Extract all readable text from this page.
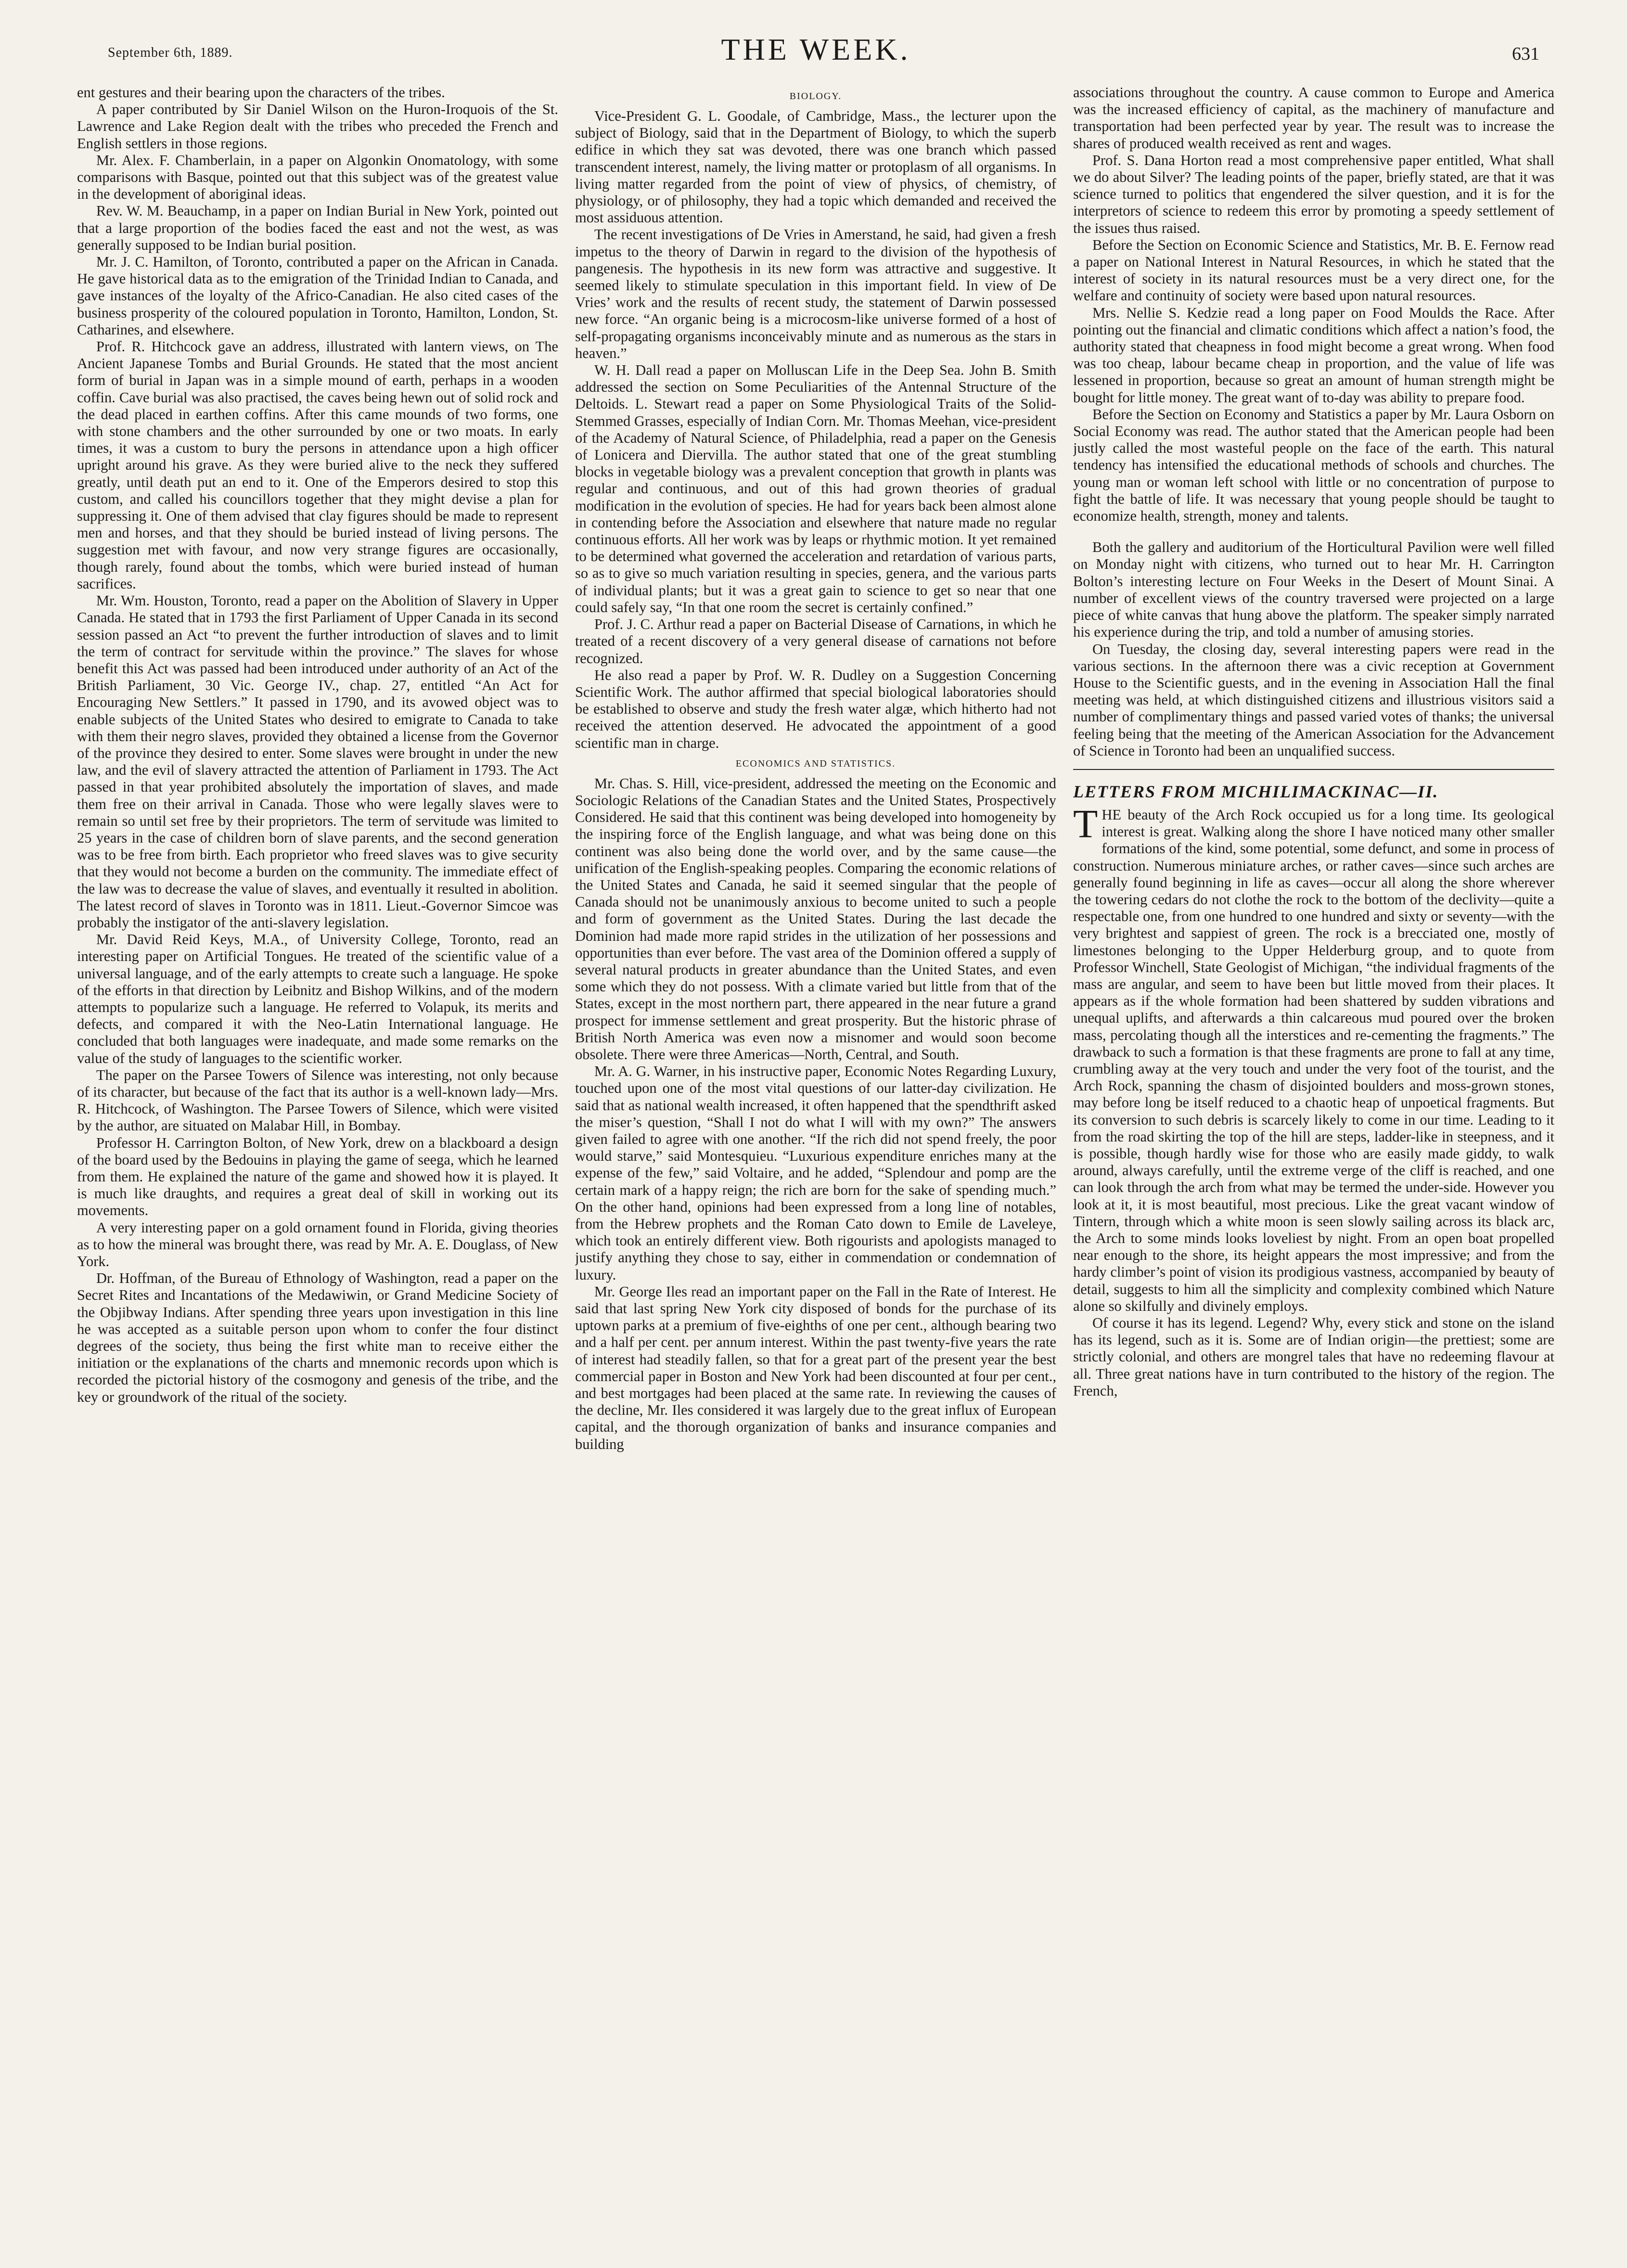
September 6th, 1889.	THE WEEK.	631

ent gestures and their bearing upon the characters of the tribes.

A paper contributed by Sir Daniel Wilson on the Huron-Iroquois of the St. Lawrence and Lake Region dealt with the tribes who preceded the French and English settlers in those regions.

Mr. Alex. F. Chamberlain, in a paper on Algonkin Onomatology, with some comparisons with Basque, pointed out that this subject was of the greatest value in the development of aboriginal ideas.

Rev. W. M. Beauchamp, in a paper on Indian Burial in New York, pointed out that a large proportion of the bodies faced the east and not the west, as was generally supposed to be Indian burial position.

Mr. J. C. Hamilton, of Toronto, contributed a paper on the African in Canada. He gave historical data as to the emigration of the Trinidad Indian to Canada, and gave instances of the loyalty of the Africo-Canadian. He also cited cases of the business prosperity of the coloured population in Toronto, Hamilton, London, St. Catharines, and elsewhere.

Prof. R. Hitchcock gave an address, illustrated with lantern views, on The Ancient Japanese Tombs and Burial Grounds. He stated that the most ancient form of burial in Japan was in a simple mound of earth, perhaps in a wooden coffin. Cave burial was also practised, the caves being hewn out of solid rock and the dead placed in earthen coffins. After this came mounds of two forms, one with stone chambers and the other surrounded by one or two moats. In early times, it was a custom to bury the persons in attendance upon a high officer upright around his grave. As they were buried alive to the neck they suffered greatly, until death put an end to it. One of the Emperors desired to stop this custom, and called his councillors together that they might devise a plan for suppressing it. One of them advised that clay figures should be made to represent men and horses, and that they should be buried instead of living persons. The suggestion met with favour, and now very strange figures are occasionally, though rarely, found about the tombs, which were buried instead of human sacrifices.

Mr. Wm. Houston, Toronto, read a paper on the Abolition of Slavery in Upper Canada. He stated that in 1793 the first Parliament of Upper Canada in its second session passed an Act “to prevent the further introduction of slaves and to limit the term of contract for servitude within the province.” The slaves for whose benefit this Act was passed had been introduced under authority of an Act of the British Parliament, 30 Vic. George IV., chap. 27, entitled “An Act for Encouraging New Settlers.” It passed in 1790, and its avowed object was to enable subjects of the United States who desired to emigrate to Canada to take with them their negro slaves, provided they obtained a license from the Governor of the province they desired to enter. Some slaves were brought in under the new law, and the evil of slavery attracted the attention of Parliament in 1793. The Act passed in that year prohibited absolutely the importation of slaves, and made them free on their arrival in Canada. Those who were legally slaves were to remain so until set free by their proprietors. The term of servitude was limited to 25 years in the case of children born of slave parents, and the second generation was to be free from birth. Each proprietor who freed slaves was to give security that they would not become a burden on the community. The immediate effect of the law was to decrease the value of slaves, and eventually it resulted in abolition. The latest record of slaves in Toronto was in 1811. Lieut.-Governor Simcoe was probably the instigator of the anti-slavery legislation.

Mr. David Reid Keys, M.A., of University College, Toronto, read an interesting paper on Artificial Tongues. He treated of the scientific value of a universal language, and of the early attempts to create such a language. He spoke of the efforts in that direction by Leibnitz and Bishop Wilkins, and of the modern attempts to popularize such a language. He referred to Volapuk, its merits and defects, and compared it with the Neo-Latin International language. He concluded that both languages were inadequate, and made some remarks on the value of the study of languages to the scientific worker.

The paper on the Parsee Towers of Silence was interesting, not only because of its character, but because of the fact that its author is a well-known lady—Mrs. R. Hitchcock, of Washington. The Parsee Towers of Silence, which were visited by the author, are situated on Malabar Hill, in Bombay.

Professor H. Carrington Bolton, of New York, drew on a blackboard a design of the board used by the Bedouins in playing the game of seega, which he learned from them. He explained the nature of the game and showed how it is played. It is much like draughts, and requires a great deal of skill in working out its movements.

A very interesting paper on a gold ornament found in Florida, giving theories as to how the mineral was brought there, was read by Mr. A. E. Douglass, of New York.

Dr. Hoffman, of the Bureau of Ethnology of Washington, read a paper on the Secret Rites and Incantations of the Medawiwin, or Grand Medicine Society of the Objibway Indians. After spending three years upon investigation in this line he was accepted as a suitable person upon whom to confer the four distinct degrees of the society, thus being the first white man to receive either the initiation or the explanations of the charts and mnemonic records upon which is recorded the pictorial history of the cosmogony and genesis of the tribe, and the key or groundwork of the ritual of the society.

BIOLOGY.

Vice-President G. L. Goodale, of Cambridge, Mass., the lecturer upon the subject of Biology, said that in the Department of Biology, to which the superb edifice in which they sat was devoted, there was one branch which passed transcendent interest, namely, the living matter or protoplasm of all organisms. In living matter regarded from the point of view of physics, of chemistry, of physiology, or of philosophy, they had a topic which demanded and received the most assiduous attention.

The recent investigations of De Vries in Amerstand, he said, had given a fresh impetus to the theory of Darwin in regard to the division of the hypothesis of pangenesis. The hypothesis in its new form was attractive and suggestive. It seemed likely to stimulate speculation in this important field. In view of De Vries’ work and the results of recent study, the statement of Darwin possessed new force. “An organic being is a microcosm-like universe formed of a host of self-propagating organisms inconceivably minute and as numerous as the stars in heaven.”

W. H. Dall read a paper on Molluscan Life in the Deep Sea. John B. Smith addressed the section on Some Peculiarities of the Antennal Structure of the Deltoids. L. Stewart read a paper on Some Physiological Traits of the Solid-Stemmed Grasses, especially of Indian Corn. Mr. Thomas Meehan, vice-president of the Academy of Natural Science, of Philadelphia, read a paper on the Genesis of Lonicera and Diervilla. The author stated that one of the great stumbling blocks in vegetable biology was a prevalent conception that growth in plants was regular and continuous, and out of this had grown theories of gradual modification in the evolution of species. He had for years back been almost alone in contending before the Association and elsewhere that nature made no regular continuous efforts. All her work was by leaps or rhythmic motion. It yet remained to be determined what governed the acceleration and retardation of various parts, so as to give so much variation resulting in species, genera, and the various parts of individual plants; but it was a great gain to science to get so near that one could safely say, “In that one room the secret is certainly confined.”

Prof. J. C. Arthur read a paper on Bacterial Disease of Carnations, in which he treated of a recent discovery of a very general disease of carnations not before recognized.

He also read a paper by Prof. W. R. Dudley on a Suggestion Concerning Scientific Work. The author affirmed that special biological laboratories should be established to observe and study the fresh water algæ, which hitherto had not received the attention deserved. He advocated the appointment of a good scientific man in charge.

ECONOMICS AND STATISTICS.

Mr. Chas. S. Hill, vice-president, addressed the meeting on the Economic and Sociologic Relations of the Canadian States and the United States, Prospectively Considered. He said that this continent was being developed into homogeneity by the inspiring force of the English language, and what was being done on this continent was also being done the world over, and by the same cause—the unification of the English-speaking peoples. Comparing the economic relations of the United States and Canada, he said it seemed singular that the people of Canada should not be unanimously anxious to become united to such a people and form of government as the United States. During the last decade the Dominion had made more rapid strides in the utilization of her possessions and opportunities than ever before. The vast area of the Dominion offered a supply of several natural products in greater abundance than the United States, and even some which they do not possess. With a climate varied but little from that of the States, except in the most northern part, there appeared in the near future a grand prospect for immense settlement and great prosperity. But the historic phrase of British North America was even now a misnomer and would soon become obsolete. There were three Americas—North, Central, and South.

Mr. A. G. Warner, in his instructive paper, Economic Notes Regarding Luxury, touched upon one of the most vital questions of our latter-day civilization. He said that as national wealth increased, it often happened that the spendthrift asked the miser’s question, “Shall I not do what I will with my own?” The answers given failed to agree with one another. “If the rich did not spend freely, the poor would starve,” said Montesquieu. “Luxurious expenditure enriches many at the expense of the few,” said Voltaire, and he added, “Splendour and pomp are the certain mark of a happy reign; the rich are born for the sake of spending much.” On the other hand, opinions had been expressed from a long line of notables, from the Hebrew prophets and the Roman Cato down to Emile de Laveleye, which took an entirely different view. Both rigourists and apologists managed to justify anything they chose to say, either in commendation or condemnation of luxury.

Mr. George Iles read an important paper on the Fall in the Rate of Interest. He said that last spring New York city disposed of bonds for the purchase of its uptown parks at a premium of five-eighths of one per cent., although bearing two and a half per cent. per annum interest. Within the past twenty-five years the rate of interest had steadily fallen, so that for a great part of the present year the best commercial paper in Boston and New York had been discounted at four per cent., and best mortgages had been placed at the same rate. In reviewing the causes of the decline, Mr. Iles considered it was largely due to the great influx of European capital, and the thorough organization of banks and insurance companies and building

associations throughout the country. A cause common to Europe and America was the increased efficiency of capital, as the machinery of manufacture and transportation had been perfected year by year. The result was to increase the shares of produced wealth received as rent and wages.

Prof. S. Dana Horton read a most comprehensive paper entitled, What shall we do about Silver? The leading points of the paper, briefly stated, are that it was science turned to politics that engendered the silver question, and it is for the interpretors of science to redeem this error by promoting a speedy settlement of the issues thus raised.

Before the Section on Economic Science and Statistics, Mr. B. E. Fernow read a paper on National Interest in Natural Resources, in which he stated that the interest of society in its natural resources must be a very direct one, for the welfare and continuity of society were based upon natural resources.

Mrs. Nellie S. Kedzie read a long paper on Food Moulds the Race. After pointing out the financial and climatic conditions which affect a nation’s food, the authority stated that cheapness in food might become a great wrong. When food was too cheap, labour became cheap in proportion, and the value of life was lessened in proportion, because so great an amount of human strength might be bought for little money. The great want of to-day was ability to prepare food.

Before the Section on Economy and Statistics a paper by Mr. Laura Osborn on Social Economy was read. The author stated that the American people had been justly called the most wasteful people on the face of the earth. This natural tendency has intensified the educational methods of schools and churches. The young man or woman left school with little or no concentration of purpose to fight the battle of life. It was necessary that young people should be taught to economize health, strength, money and talents.

Both the gallery and auditorium of the Horticultural Pavilion were well filled on Monday night with citizens, who turned out to hear Mr. H. Carrington Bolton’s interesting lecture on Four Weeks in the Desert of Mount Sinai. A number of excellent views of the country traversed were projected on a large piece of white canvas that hung above the platform. The speaker simply narrated his experience during the trip, and told a number of amusing stories.

On Tuesday, the closing day, several interesting papers were read in the various sections. In the afternoon there was a civic reception at Government House to the Scientific guests, and in the evening in Association Hall the final meeting was held, at which distinguished citizens and illustrious visitors said a number of complimentary things and passed varied votes of thanks; the universal feeling being that the meeting of the American Association for the Advancement of Science in Toronto had been an unqualified success.

LETTERS FROM MICHILIMACKINAC—II.

THE beauty of the Arch Rock occupied us for a long time. Its geological interest is great. Walking along the shore I have noticed many other smaller formations of the kind, some potential, some defunct, and some in process of construction. Numerous miniature arches, or rather caves—since such arches are generally found beginning in life as caves—occur all along the shore wherever the towering cedars do not clothe the rock to the bottom of the declivity—quite a respectable one, from one hundred to one hundred and sixty or seventy—with the very brightest and sappiest of green. The rock is a brecciated one, mostly of limestones belonging to the Upper Helderburg group, and to quote from Professor Winchell, State Geologist of Michigan, “the individual fragments of the mass are angular, and seem to have been but little moved from their places. It appears as if the whole formation had been shattered by sudden vibrations and unequal uplifts, and afterwards a thin calcareous mud poured over the broken mass, percolating though all the interstices and re-cementing the fragments.” The drawback to such a formation is that these fragments are prone to fall at any time, crumbling away at the very touch and under the very foot of the tourist, and the Arch Rock, spanning the chasm of disjointed boulders and moss-grown stones, may before long be itself reduced to a chaotic heap of unpoetical fragments. But its conversion to such debris is scarcely likely to come in our time. Leading to it from the road skirting the top of the hill are steps, ladder-like in steepness, and it is possible, though hardly wise for those who are easily made giddy, to walk around, always carefully, until the extreme verge of the cliff is reached, and one can look through the arch from what may be termed the under-side. However you look at it, it is most beautiful, most precious. Like the great vacant window of Tintern, through which a white moon is seen slowly sailing across its black arc, the Arch to some minds looks loveliest by night. From an open boat propelled near enough to the shore, its height appears the most impressive; and from the hardy climber’s point of vision its prodigious vastness, accompanied by beauty of detail, suggests to him all the simplicity and complexity combined which Nature alone so skilfully and divinely employs.

Of course it has its legend. Legend? Why, every stick and stone on the island has its legend, such as it is. Some are of Indian origin—the prettiest; some are strictly colonial, and others are mongrel tales that have no redeeming flavour at all. Three great nations have in turn contributed to the history of the region. The French,
